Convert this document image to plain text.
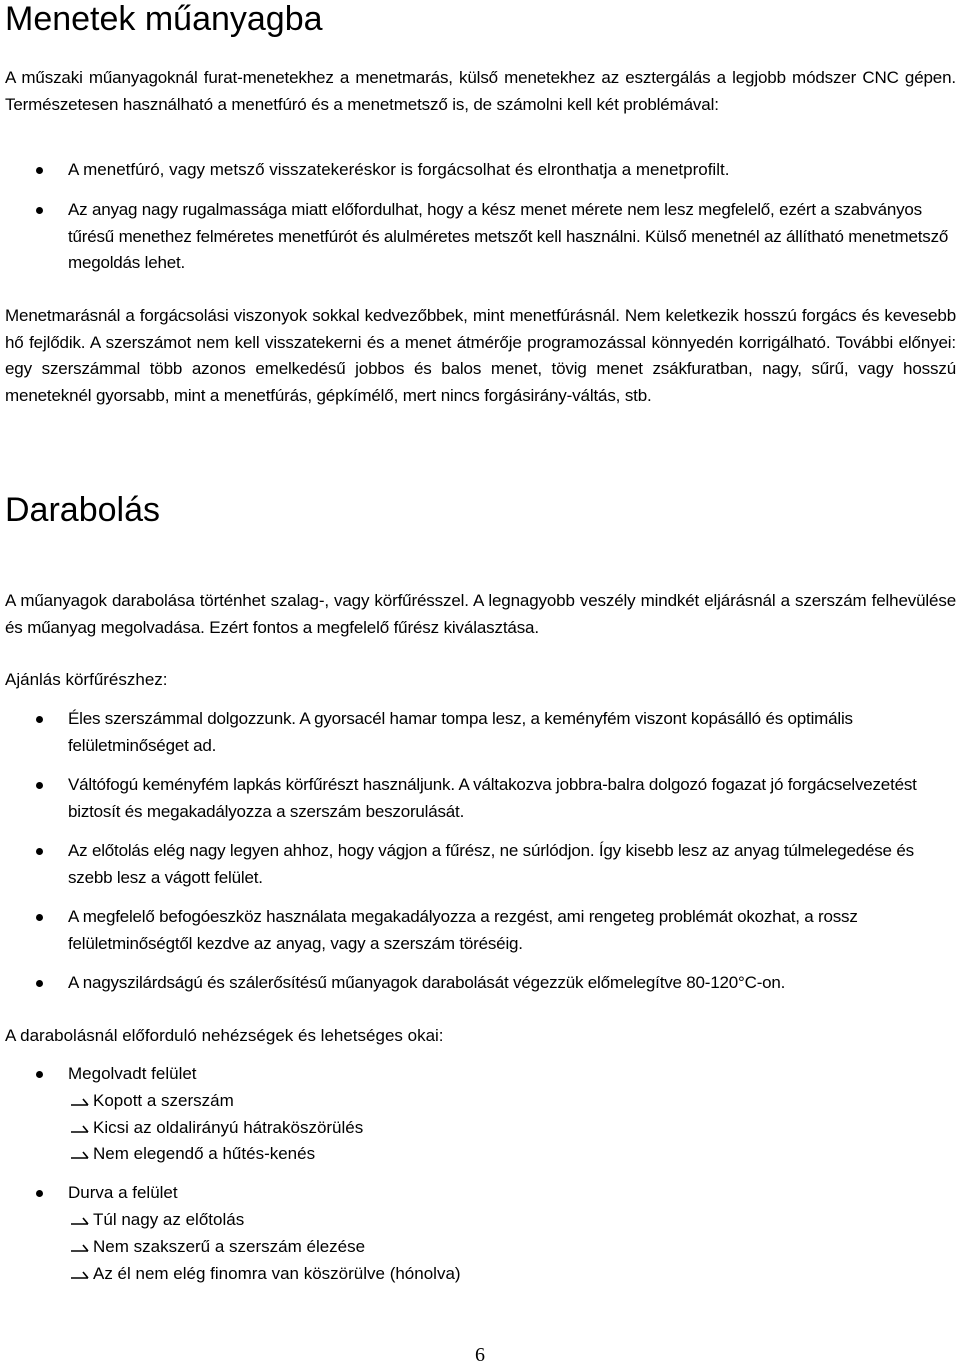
Menetek műanyagba

A műszaki műanyagoknál furat-menetekhez a menetmarás, külső menetekhez az esztergálás a legjobb módszer CNC gépen. Természetesen használható a menetfúró és a menetmetsző is, de számolni kell két problémával:

A menetfúró, vagy metsző visszatekeréskor is forgácsolhat és elronthatja a menetprofilt.

Az anyag nagy rugalmassága miatt előfordulhat, hogy a kész menet mérete nem lesz megfelelő, ezért a szabványos tűrésű menethez felméretes menetfúrót és alulméretes metszőt kell használni. Külső menetnél az állítható menetmetsző megoldás lehet.

Menetmarásnál a forgácsolási viszonyok sokkal kedvezőbbek, mint menetfúrásnál. Nem keletkezik hosszú forgács és kevesebb hő fejlődik. A szerszámot nem kell visszatekerni és a menet átmérője programozással könnyedén korrigálható. További előnyei: egy szerszámmal több azonos emelkedésű jobbos és balos menet, tövig menet zsákfuratban, nagy, sűrű, vagy hosszú meneteknél gyorsabb, mint a menetfúrás, gépkímélő, mert nincs forgásirány-váltás, stb.

Darabolás

A műanyagok darabolása történhet szalag-, vagy körfűrésszel. A legnagyobb veszély mindkét eljárásnál a szerszám felhevülése és műanyag megolvadása. Ezért fontos a megfelelő fűrész kiválasztása.

Ajánlás körfűrészhez:

Éles szerszámmal dolgozzunk. A gyorsacél hamar tompa lesz, a keményfém viszont kopásálló és optimális felületminőséget ad.

Váltófogú keményfém lapkás körfűrészt használjunk. A váltakozva jobbra-balra dolgozó fogazat jó forgácselvezetést biztosít és megakadályozza a szerszám beszorulását.

Az előtolás elég nagy legyen ahhoz, hogy vágjon a fűrész, ne súrlódjon. Így kisebb lesz az anyag túlmelegedése és szebb lesz a vágott felület.

A megfelelő befogóeszköz használata megakadályozza a rezgést, ami rengeteg problémát okozhat, a rossz felületminőségtől kezdve az anyag, vagy a szerszám töréséig.

A nagyszilárdságú és szálerősítésű műanyagok darabolását végezzük előmelegítve 80-120°C-on.

A darabolásnál előforduló nehézségek és lehetséges okai:

Megolvadt felület

Kopott a szerszám

Kicsi az oldalirányú hátraköszörülés

Nem elegendő a hűtés-kenés

Durva a felület

Túl nagy az előtolás

Nem szakszerű a szerszám élezése

Az él nem elég finomra van köszörülve (hónolva)

6
